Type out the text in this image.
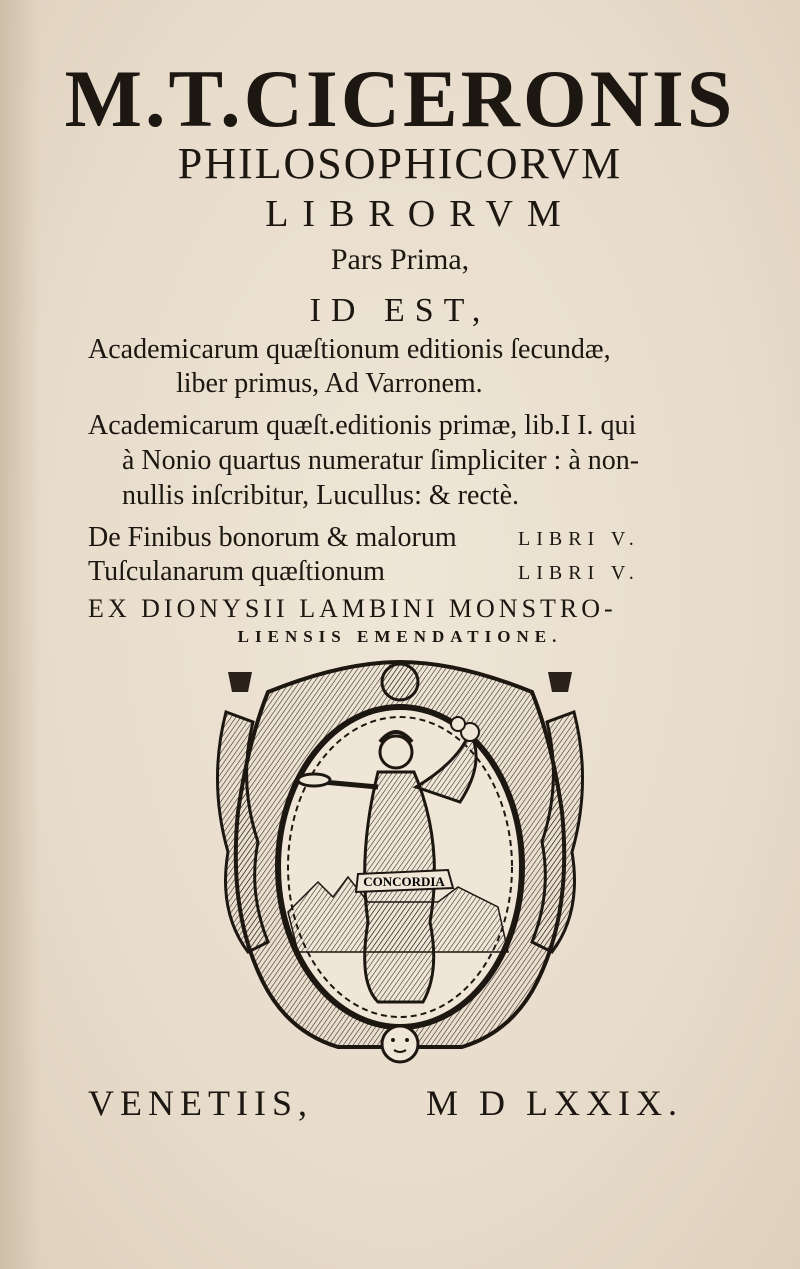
M.T.CICERONIS
PHILOSOPHICORVM
LIBRORVM
Pars Prima,
ID EST,
Academicarum quæſtionum editionis ſecundæ,
liber primus, Ad Varronem.
Academicarum quæſt.editionis primæ, lib.I I. qui
à Nonio quartus numeratur ſimpliciter : à non-
nullis inſcribitur, Lucullus: & rectè.
De Finibus bonorum & malorum	LIBRI V.
Tuſculanarum quæſtionum	LIBRI V.
EX DIONYSII LAMBINI MONSTRO-
LIENSIS EMENDATIONE.
CONCORDIA
VENETIIS,	M D LXXIX.
